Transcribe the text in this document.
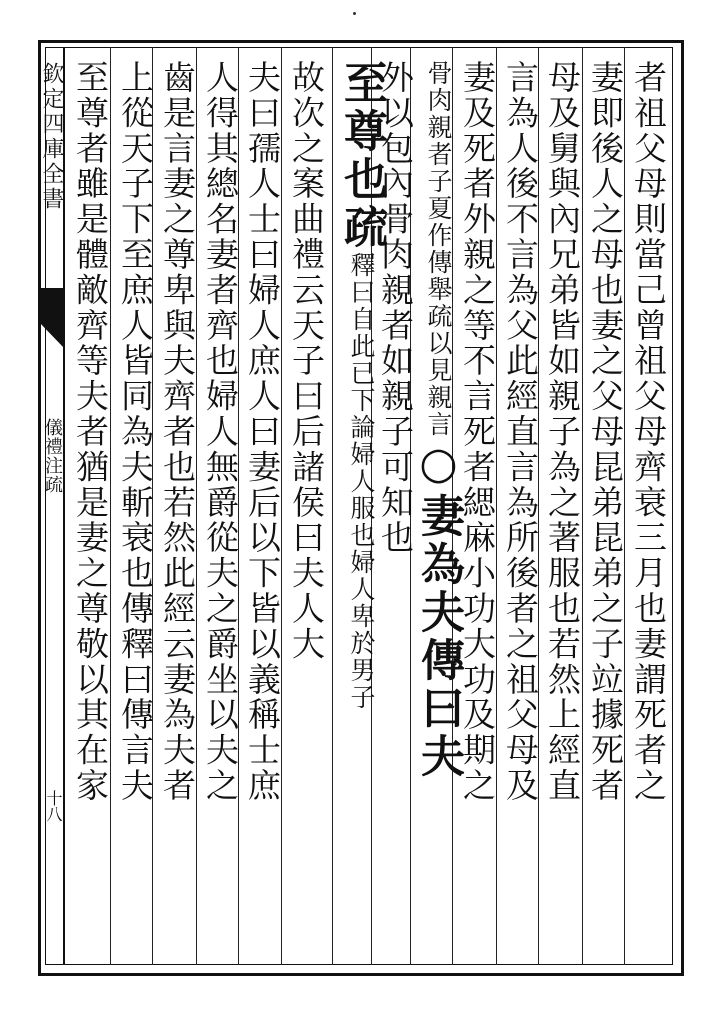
欽定四庫全書
儀禮注疏
十八
者祖父母則當己曾祖父母齊衰三月也妻謂死者之
妻即後人之母也妻之父母昆弟昆弟之子竝據死者
母及舅與內兄弟皆如親子為之著服也若然上經直
言為人後不言為父此經直言為所後者之祖父母及
妻及死者外親之等不言死者緦麻小功大功及期之
骨肉親者子夏作傳舉疏以見親言○妻為夫傳曰夫
外以包內骨肉親者如親子可知也
至尊也疏釋曰自此已下論婦人服也婦人卑於男子
故次之案曲禮云天子曰后諸侯曰夫人大
夫曰孺人士曰婦人庶人曰妻后以下皆以義稱士庶
人得其總名妻者齊也婦人無爵從夫之爵坐以夫之
齒是言妻之尊卑與夫齊者也若然此經云妻為夫者
上從天子下至庶人皆同為夫斬衰也傳釋曰傳言夫
至尊者雖是體敵齊等夫者猶是妻之尊敬以其在家
